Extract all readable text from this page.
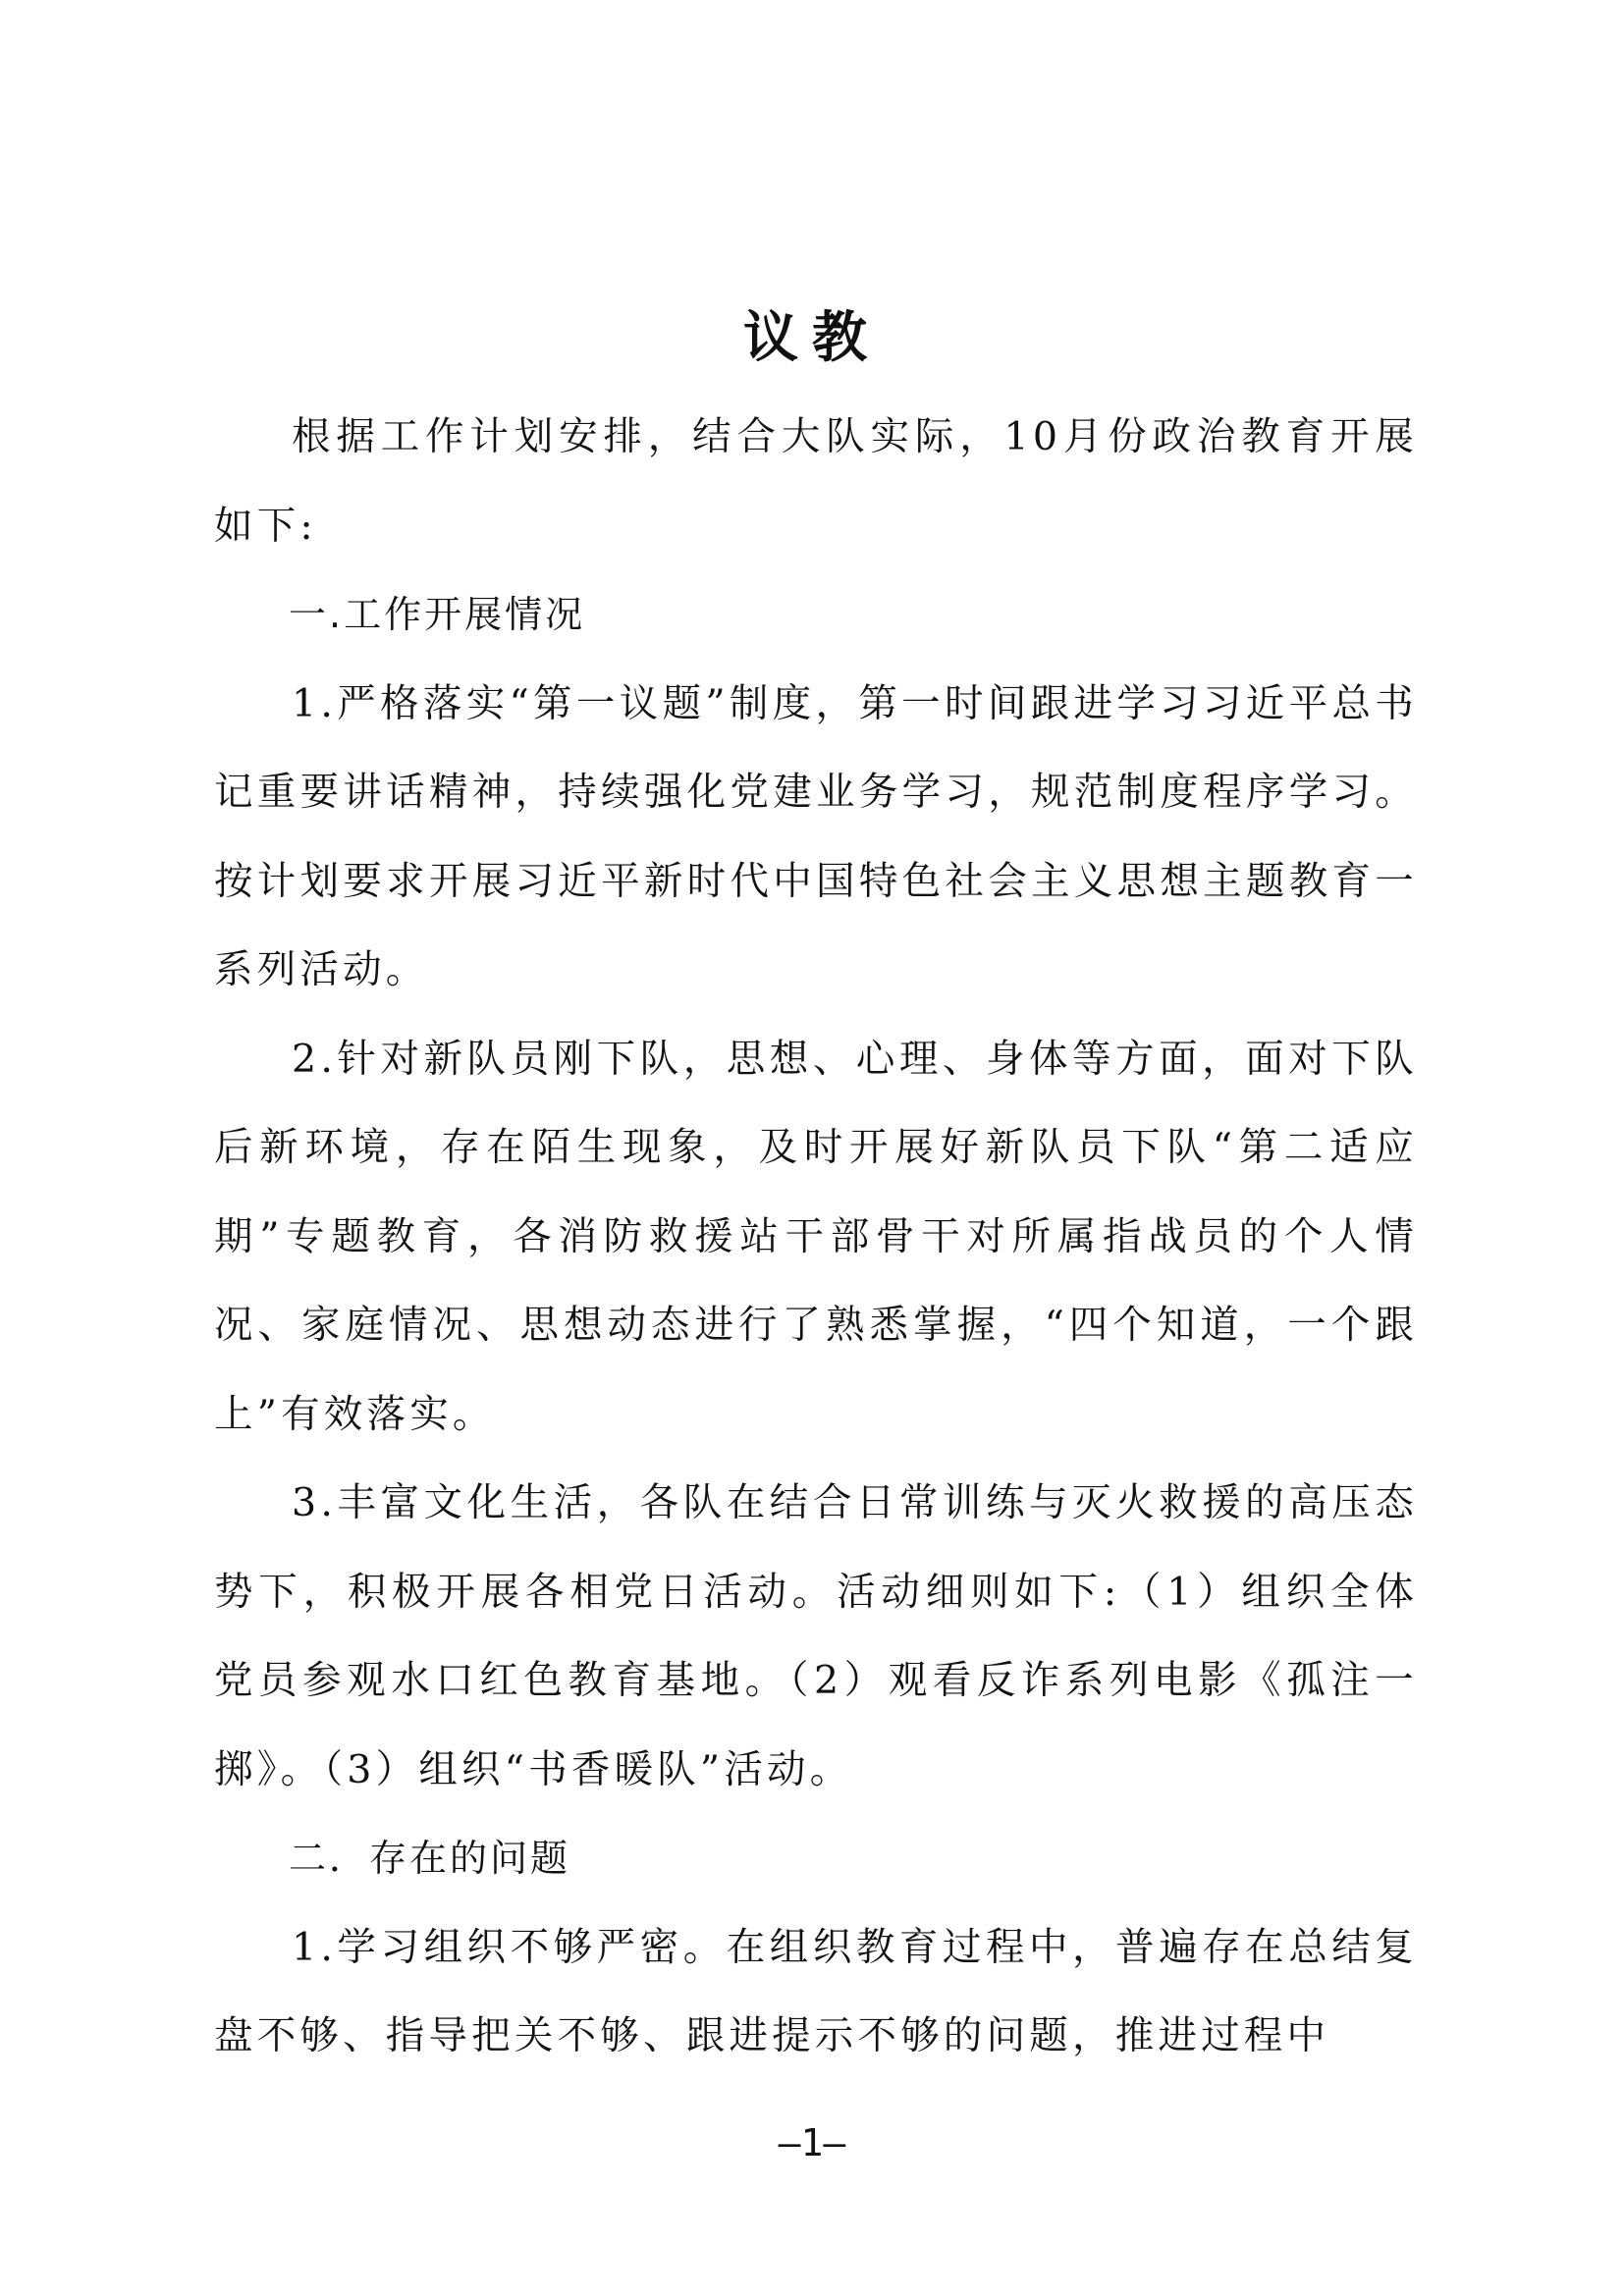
议教

根据工作计划安排，结合大队实际，10月份政治教育开展如下:

一.工作开展情况

1.严格落实“第一议题”制度，第一时间跟进学习习近平总书记重要讲话精神，持续强化党建业务学习，规范制度程序学习。按计划要求开展习近平新时代中国特色社会主义思想主题教育一系列活动。

2.针对新队员刚下队，思想、心理、身体等方面，面对下队后新环境，存在陌生现象，及时开展好新队员下队“第二适应期”专题教育，各消防救援站干部骨干对所属指战员的个人情况、家庭情况、思想动态进行了熟悉掌握，“四个知道，一个跟上”有效落实。

3.丰富文化生活，各队在结合日常训练与灭火救援的高压态势下，积极开展各相党日活动。活动细则如下:（1）组织全体党员参观水口红色教育基地。（2）观看反诈系列电影《孤注一掷》。（3）组织“书香暖队”活动。

二．存在的问题

1.学习组织不够严密。在组织教育过程中，普遍存在总结复盘不够、指导把关不够、跟进提示不够的问题，推进过程中

—1—
